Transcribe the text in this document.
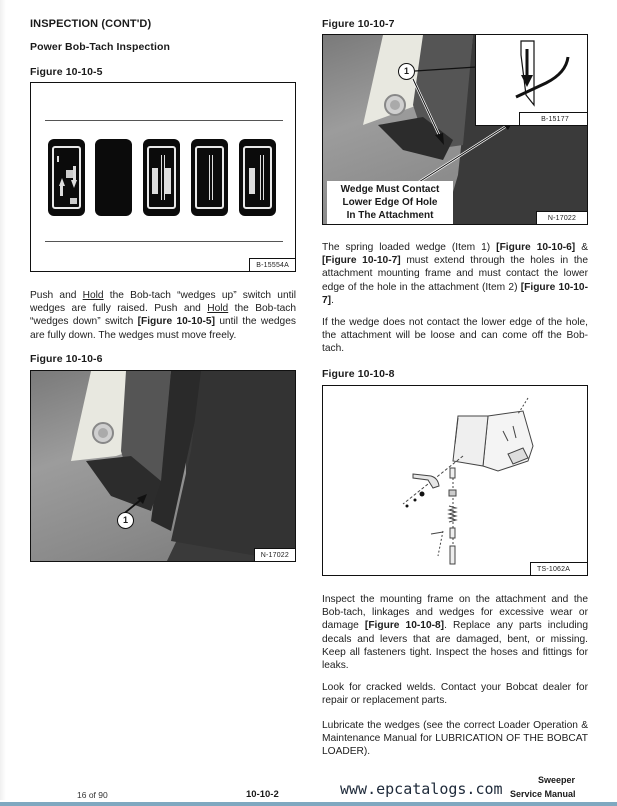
INSPECTION (CONT'D)
Power Bob-Tach Inspection
Figure 10-10-5
B-15554A
Push and Hold the Bob-tach “wedges up” switch until wedges are fully raised. Push and Hold the Bob-tach “wedges down” switch [Figure 10-10-5] until the wedges are fully down. The wedges must move freely.
Figure 10-10-6
1
N-17022
Figure 10-10-7
B-15177
1
Wedge Must Contact
Lower Edge Of Hole
In The Attachment	N-17022
The spring loaded wedge (Item 1) [Figure 10-10-6] & [Figure 10-10-7] must extend through the holes in the attachment mounting frame and must contact the lower edge of the hole in the attachment (Item 2) [Figure 10-10-7].
If the wedge does not contact the lower edge of the hole, the attachment will be loose and can come off the Bob-tach.
Figure 10-10-8
TS-1062A
Inspect the mounting frame on the attachment and the Bob-tach, linkages and wedges for excessive wear or damage [Figure 10-10-8]. Replace any parts including decals and levers that are damaged, bent, or missing. Keep all fasteners tight. Inspect the hoses and fittings for leaks.
Look for cracked welds. Contact your Bobcat dealer for repair or replacement parts.
Lubricate the wedges (see the correct Loader Operation & Maintenance Manual for LUBRICATION OF THE BOBCAT LOADER).
16 of 90	10-10-2
Sweeper
Service Manual
www.epcatalogs.com
